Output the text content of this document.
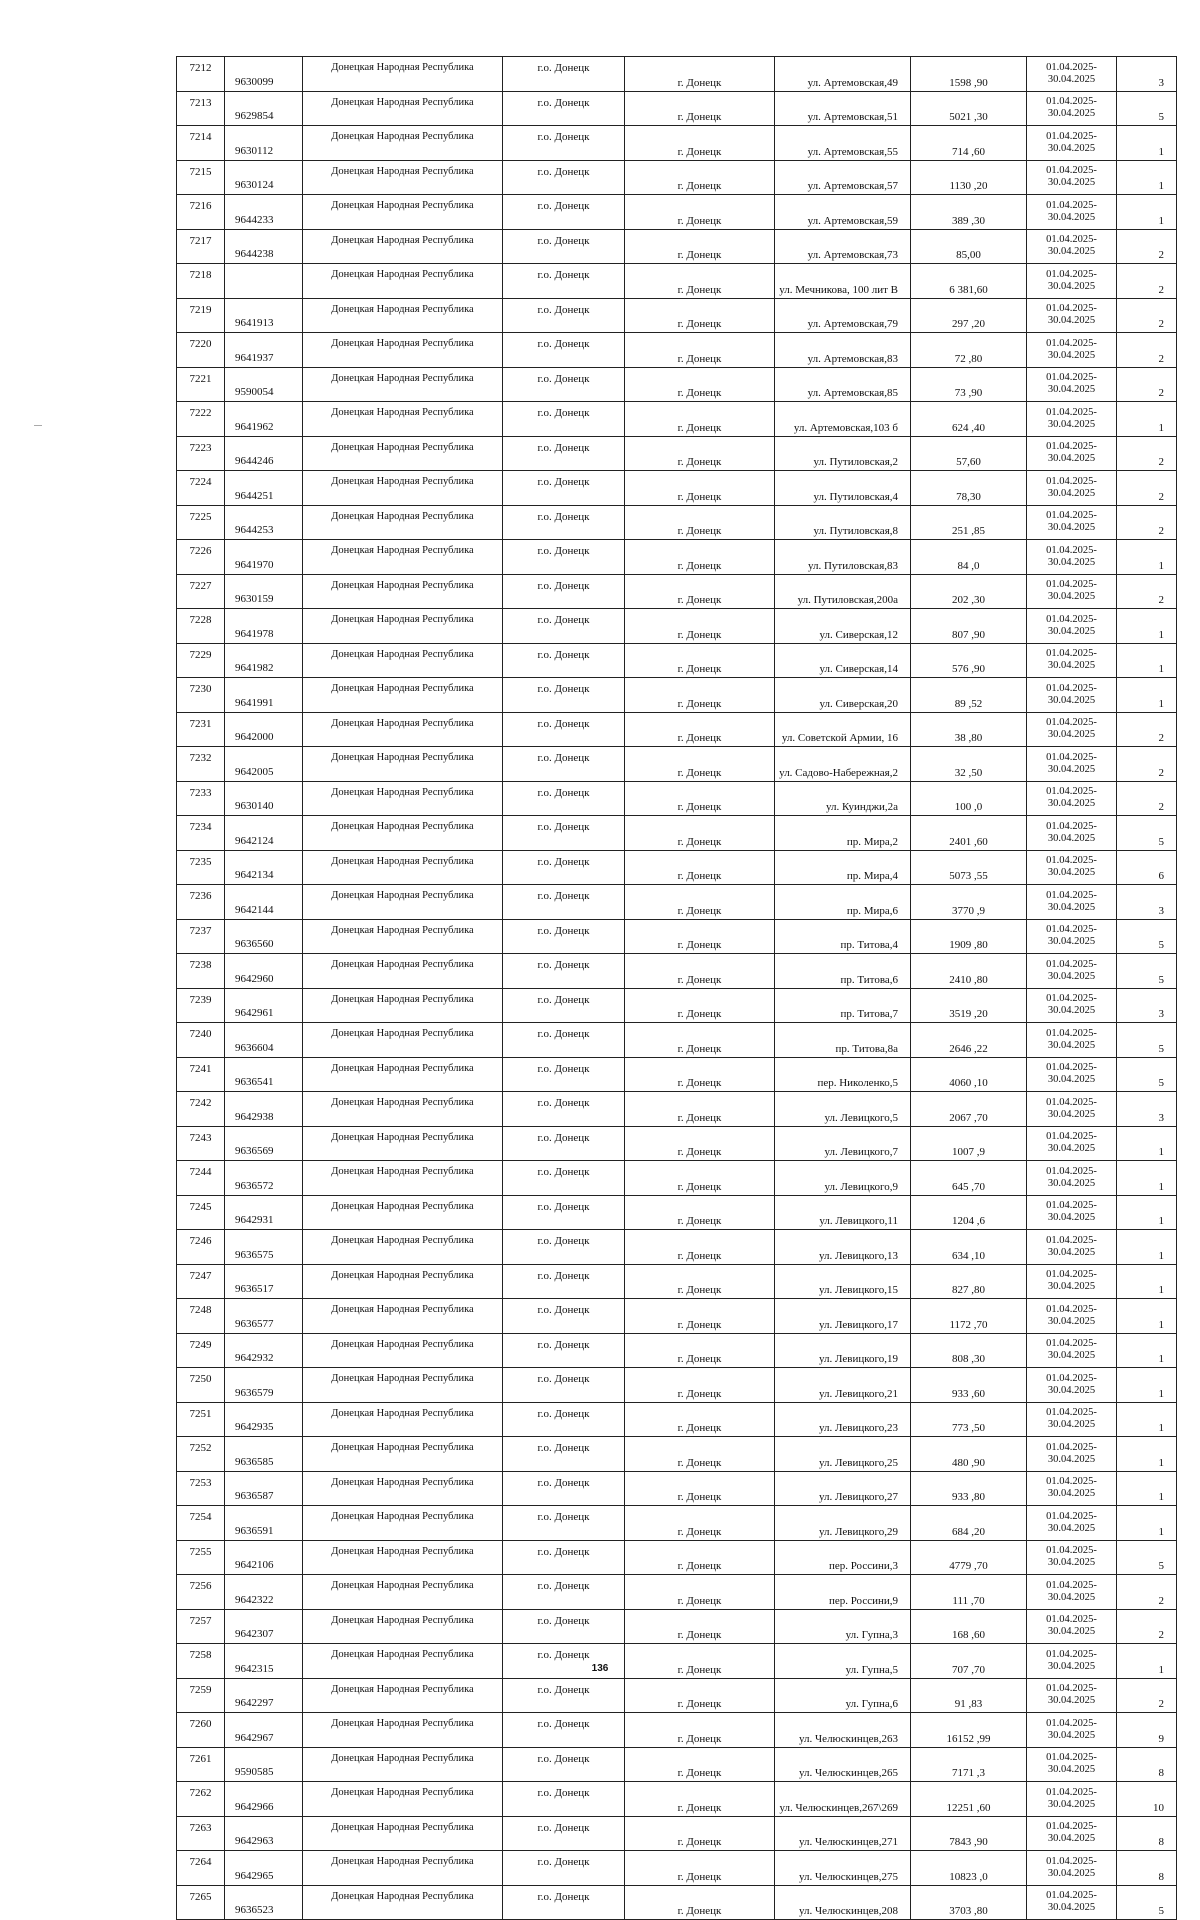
7212	9630099	Донецкая Народная Республика	г.о. Донецк	г. Донецк	ул. Артемовская,49	1598 ,90	01.04.2025-30.04.2025	3
7213	9629854	Донецкая Народная Республика	г.о. Донецк	г. Донецк	ул. Артемовская,51	5021 ,30	01.04.2025-30.04.2025	5
7214	9630112	Донецкая Народная Республика	г.о. Донецк	г. Донецк	ул. Артемовская,55	714 ,60	01.04.2025-30.04.2025	1
7215	9630124	Донецкая Народная Республика	г.о. Донецк	г. Донецк	ул. Артемовская,57	1130 ,20	01.04.2025-30.04.2025	1
7216	9644233	Донецкая Народная Республика	г.о. Донецк	г. Донецк	ул. Артемовская,59	389 ,30	01.04.2025-30.04.2025	1
7217	9644238	Донецкая Народная Республика	г.о. Донецк	г. Донецк	ул. Артемовская,73	85,00	01.04.2025-30.04.2025	2
7218		Донецкая Народная Республика	г.о. Донецк	г. Донецк	ул. Мечникова, 100 лит В	6 381,60	01.04.2025-30.04.2025	2
7219	9641913	Донецкая Народная Республика	г.о. Донецк	г. Донецк	ул. Артемовская,79	297 ,20	01.04.2025-30.04.2025	2
7220	9641937	Донецкая Народная Республика	г.о. Донецк	г. Донецк	ул. Артемовская,83	72 ,80	01.04.2025-30.04.2025	2
7221	9590054	Донецкая Народная Республика	г.о. Донецк	г. Донецк	ул. Артемовская,85	73 ,90	01.04.2025-30.04.2025	2
7222	9641962	Донецкая Народная Республика	г.о. Донецк	г. Донецк	ул. Артемовская,103 б	624 ,40	01.04.2025-30.04.2025	1
7223	9644246	Донецкая Народная Республика	г.о. Донецк	г. Донецк	ул. Путиловская,2	57,60	01.04.2025-30.04.2025	2
7224	9644251	Донецкая Народная Республика	г.о. Донецк	г. Донецк	ул. Путиловская,4	78,30	01.04.2025-30.04.2025	2
7225	9644253	Донецкая Народная Республика	г.о. Донецк	г. Донецк	ул. Путиловская,8	251 ,85	01.04.2025-30.04.2025	2
7226	9641970	Донецкая Народная Республика	г.о. Донецк	г. Донецк	ул. Путиловская,83	84 ,0	01.04.2025-30.04.2025	1
7227	9630159	Донецкая Народная Республика	г.о. Донецк	г. Донецк	ул. Путиловская,200а	202 ,30	01.04.2025-30.04.2025	2
7228	9641978	Донецкая Народная Республика	г.о. Донецк	г. Донецк	ул. Сиверская,12	807 ,90	01.04.2025-30.04.2025	1
7229	9641982	Донецкая Народная Республика	г.о. Донецк	г. Донецк	ул. Сиверская,14	576 ,90	01.04.2025-30.04.2025	1
7230	9641991	Донецкая Народная Республика	г.о. Донецк	г. Донецк	ул. Сиверская,20	89 ,52	01.04.2025-30.04.2025	1
7231	9642000	Донецкая Народная Республика	г.о. Донецк	г. Донецк	ул. Советской Армии, 16	38 ,80	01.04.2025-30.04.2025	2
7232	9642005	Донецкая Народная Республика	г.о. Донецк	г. Донецк	ул. Садово-Набережная,2	32 ,50	01.04.2025-30.04.2025	2
7233	9630140	Донецкая Народная Республика	г.о. Донецк	г. Донецк	ул. Куинджи,2а	100 ,0	01.04.2025-30.04.2025	2
7234	9642124	Донецкая Народная Республика	г.о. Донецк	г. Донецк	пр. Мира,2	2401 ,60	01.04.2025-30.04.2025	5
7235	9642134	Донецкая Народная Республика	г.о. Донецк	г. Донецк	пр. Мира,4	5073 ,55	01.04.2025-30.04.2025	6
7236	9642144	Донецкая Народная Республика	г.о. Донецк	г. Донецк	пр. Мира,6	3770 ,9	01.04.2025-30.04.2025	3
7237	9636560	Донецкая Народная Республика	г.о. Донецк	г. Донецк	пр. Титова,4	1909 ,80	01.04.2025-30.04.2025	5
7238	9642960	Донецкая Народная Республика	г.о. Донецк	г. Донецк	пр. Титова,6	2410 ,80	01.04.2025-30.04.2025	5
7239	9642961	Донецкая Народная Республика	г.о. Донецк	г. Донецк	пр. Титова,7	3519 ,20	01.04.2025-30.04.2025	3
7240	9636604	Донецкая Народная Республика	г.о. Донецк	г. Донецк	пр. Титова,8а	2646 ,22	01.04.2025-30.04.2025	5
7241	9636541	Донецкая Народная Республика	г.о. Донецк	г. Донецк	пер. Николенко,5	4060 ,10	01.04.2025-30.04.2025	5
7242	9642938	Донецкая Народная Республика	г.о. Донецк	г. Донецк	ул. Левицкого,5	2067 ,70	01.04.2025-30.04.2025	3
7243	9636569	Донецкая Народная Республика	г.о. Донецк	г. Донецк	ул. Левицкого,7	1007 ,9	01.04.2025-30.04.2025	1
7244	9636572	Донецкая Народная Республика	г.о. Донецк	г. Донецк	ул. Левицкого,9	645 ,70	01.04.2025-30.04.2025	1
7245	9642931	Донецкая Народная Республика	г.о. Донецк	г. Донецк	ул. Левицкого,11	1204 ,6	01.04.2025-30.04.2025	1
7246	9636575	Донецкая Народная Республика	г.о. Донецк	г. Донецк	ул. Левицкого,13	634 ,10	01.04.2025-30.04.2025	1
7247	9636517	Донецкая Народная Республика	г.о. Донецк	г. Донецк	ул. Левицкого,15	827 ,80	01.04.2025-30.04.2025	1
7248	9636577	Донецкая Народная Республика	г.о. Донецк	г. Донецк	ул. Левицкого,17	1172 ,70	01.04.2025-30.04.2025	1
7249	9642932	Донецкая Народная Республика	г.о. Донецк	г. Донецк	ул. Левицкого,19	808 ,30	01.04.2025-30.04.2025	1
7250	9636579	Донецкая Народная Республика	г.о. Донецк	г. Донецк	ул. Левицкого,21	933 ,60	01.04.2025-30.04.2025	1
7251	9642935	Донецкая Народная Республика	г.о. Донецк	г. Донецк	ул. Левицкого,23	773 ,50	01.04.2025-30.04.2025	1
7252	9636585	Донецкая Народная Республика	г.о. Донецк	г. Донецк	ул. Левицкого,25	480 ,90	01.04.2025-30.04.2025	1
7253	9636587	Донецкая Народная Республика	г.о. Донецк	г. Донецк	ул. Левицкого,27	933 ,80	01.04.2025-30.04.2025	1
7254	9636591	Донецкая Народная Республика	г.о. Донецк	г. Донецк	ул. Левицкого,29	684 ,20	01.04.2025-30.04.2025	1
7255	9642106	Донецкая Народная Республика	г.о. Донецк	г. Донецк	пер. Россини,3	4779 ,70	01.04.2025-30.04.2025	5
7256	9642322	Донецкая Народная Республика	г.о. Донецк	г. Донецк	пер. Россини,9	111 ,70	01.04.2025-30.04.2025	2
7257	9642307	Донецкая Народная Республика	г.о. Донецк	г. Донецк	ул. Гупна,3	168 ,60	01.04.2025-30.04.2025	2
7258	9642315	Донецкая Народная Республика	г.о. Донецк	г. Донецк	ул. Гупна,5	707 ,70	01.04.2025-30.04.2025	1
7259	9642297	Донецкая Народная Республика	г.о. Донецк	г. Донецк	ул. Гупна,6	91 ,83	01.04.2025-30.04.2025	2
7260	9642967	Донецкая Народная Республика	г.о. Донецк	г. Донецк	ул. Челюскинцев,263	16152 ,99	01.04.2025-30.04.2025	9
7261	9590585	Донецкая Народная Республика	г.о. Донецк	г. Донецк	ул. Челюскинцев,265	7171 ,3	01.04.2025-30.04.2025	8
7262	9642966	Донецкая Народная Республика	г.о. Донецк	г. Донецк	ул. Челюскинцев,267\269	12251 ,60	01.04.2025-30.04.2025	10
7263	9642963	Донецкая Народная Республика	г.о. Донецк	г. Донецк	ул. Челюскинцев,271	7843 ,90	01.04.2025-30.04.2025	8
7264	9642965	Донецкая Народная Республика	г.о. Донецк	г. Донецк	ул. Челюскинцев,275	10823 ,0	01.04.2025-30.04.2025	8
7265	9636523	Донецкая Народная Республика	г.о. Донецк	г. Донецк	ул. Челюскинцев,208	3703 ,80	01.04.2025-30.04.2025	5
136
